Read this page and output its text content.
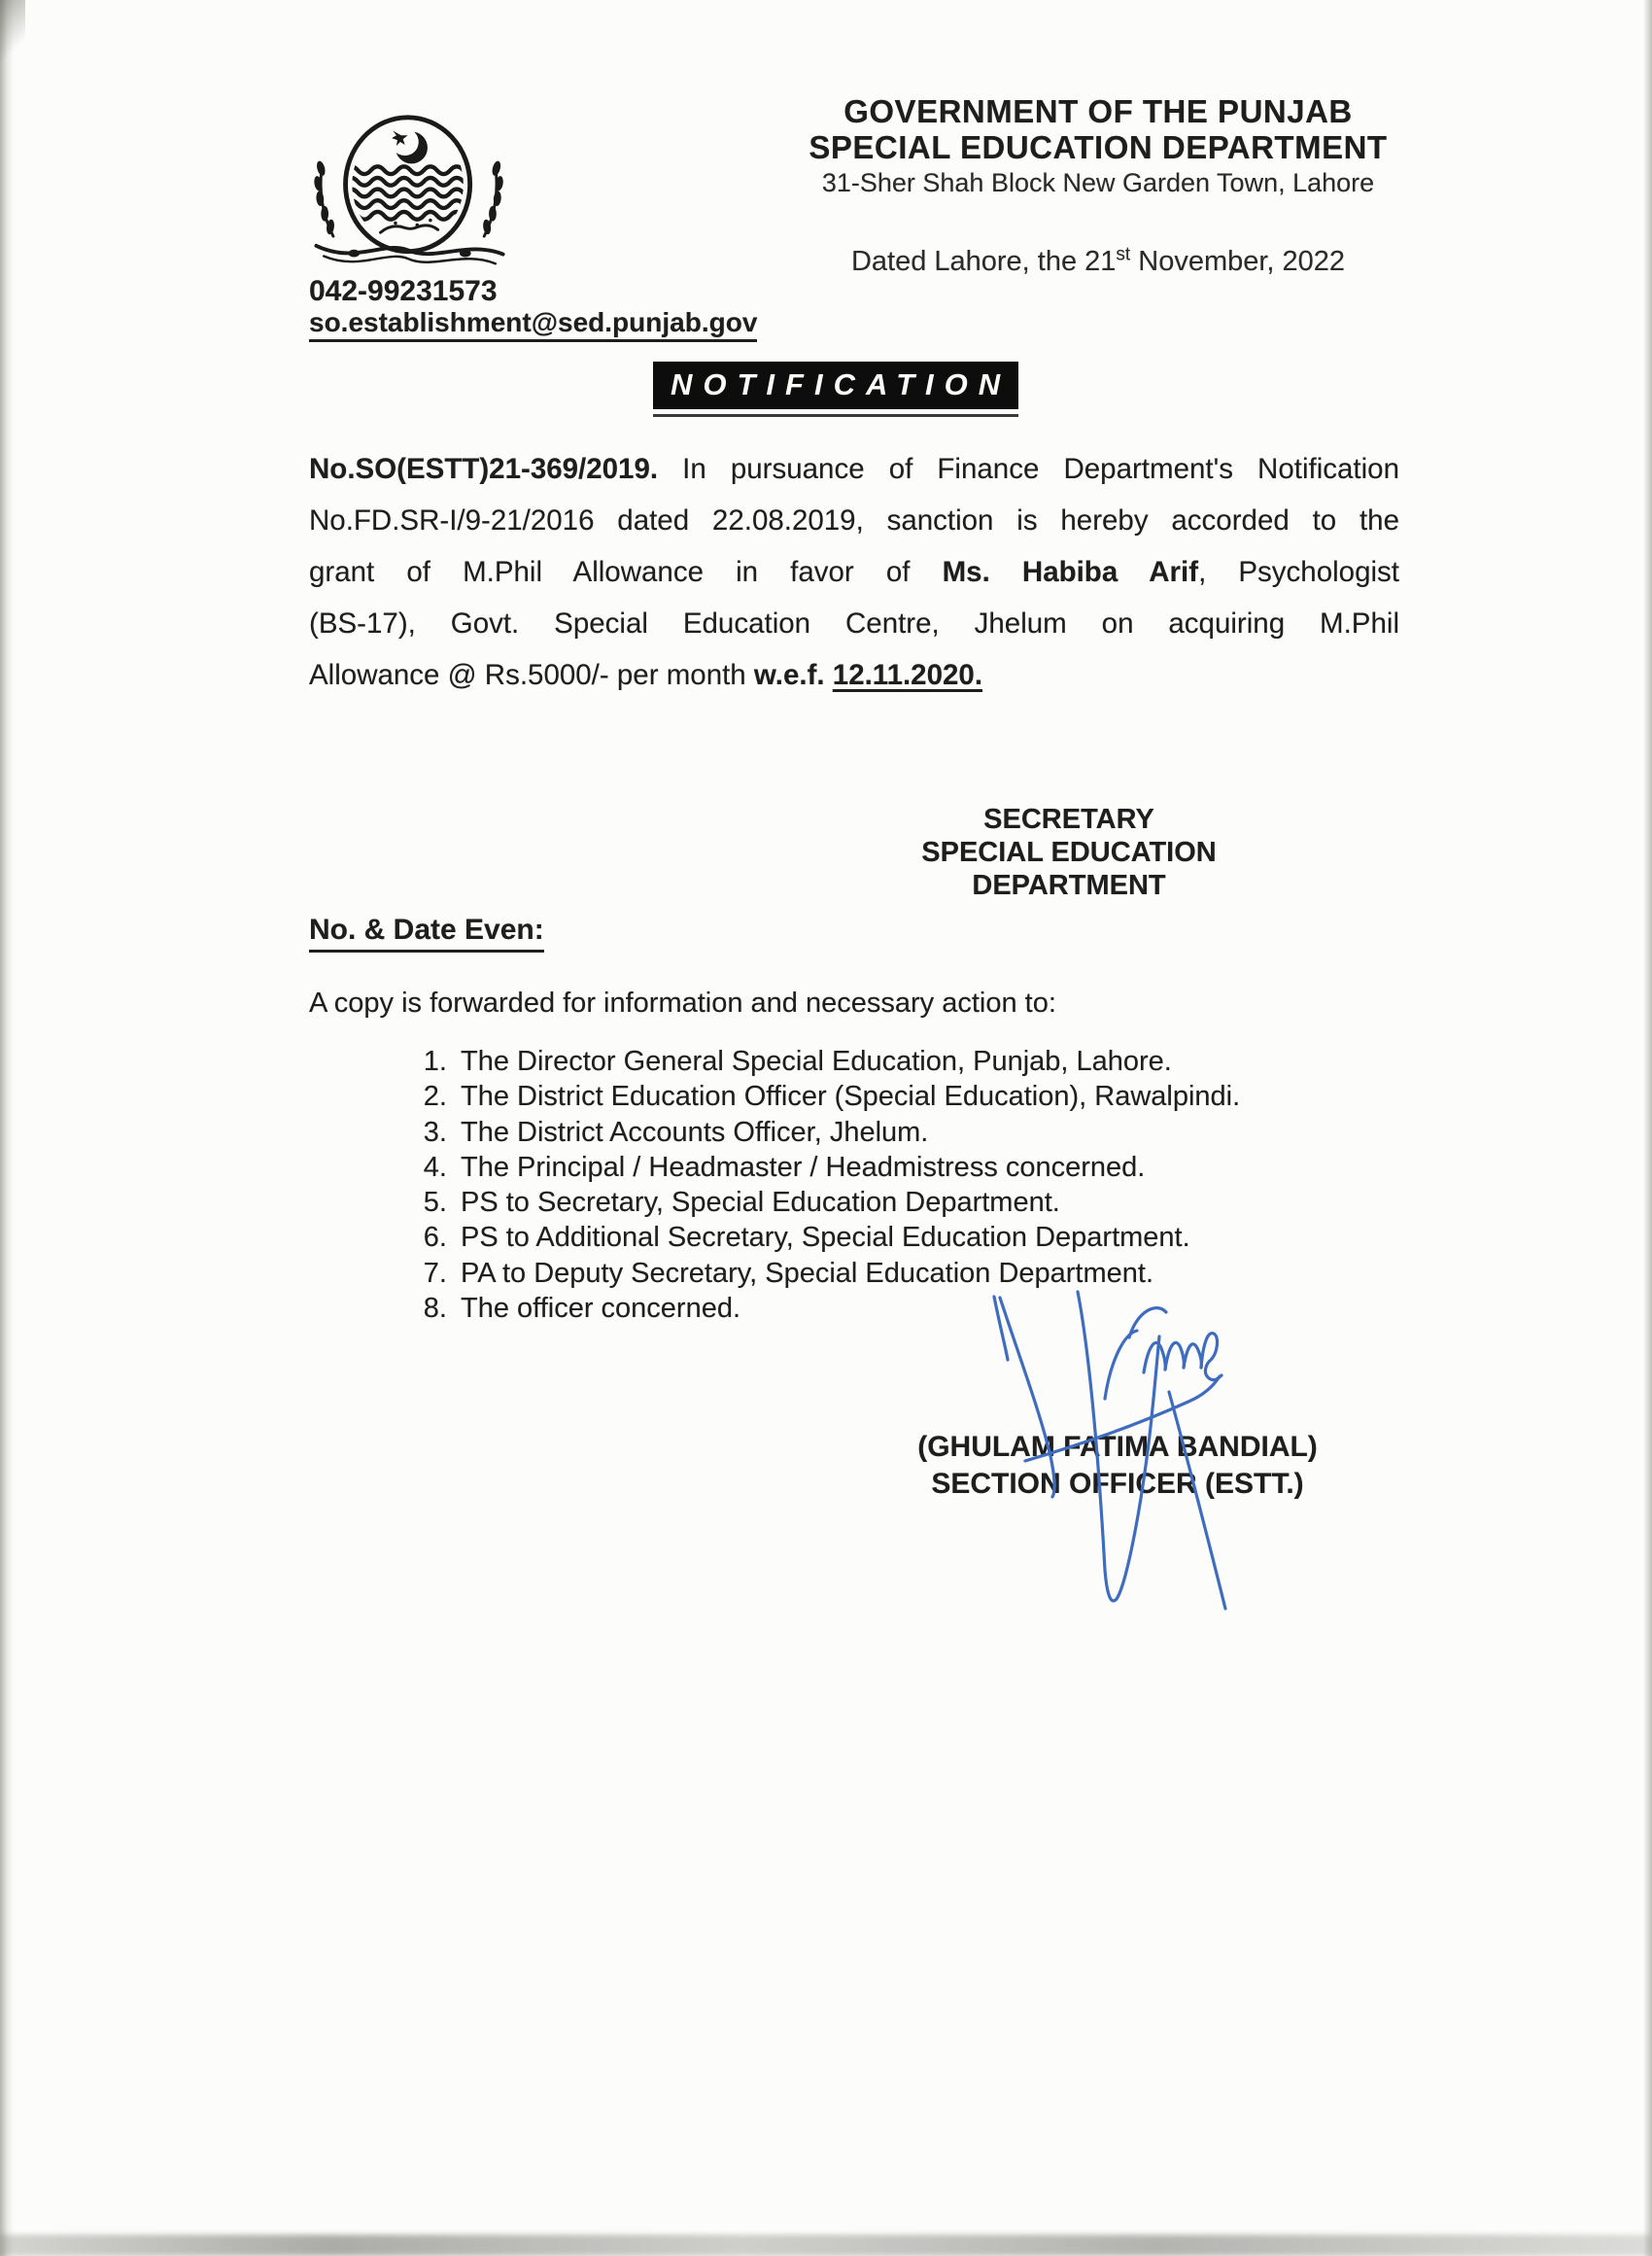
GOVERNMENT OF THE PUNJAB
SPECIAL EDUCATION DEPARTMENT
31-Sher Shah Block New Garden Town, Lahore
Dated Lahore, the 21st November, 2022
042-99231573
so.establishment@sed.punjab.gov
NOTIFICATION
No.SO(ESTT)21-369/2019. In pursuance of Finance Department's Notification
No.FD.SR-I/9-21/2016 dated 22.08.2019, sanction is hereby accorded to the
grant of M.Phil Allowance in favor of Ms. Habiba Arif, Psychologist
(BS-17), Govt. Special Education Centre, Jhelum on acquiring M.Phil
Allowance @ Rs.5000/- per month w.e.f. 12.11.2020.
SECRETARY
SPECIAL EDUCATION
DEPARTMENT
No. & Date Even:
A copy is forwarded for information and necessary action to:
1. The Director General Special Education, Punjab, Lahore.
2. The District Education Officer (Special Education), Rawalpindi.
3. The District Accounts Officer, Jhelum.
4. The Principal / Headmaster / Headmistress concerned.
5. PS to Secretary, Special Education Department.
6. PS to Additional Secretary, Special Education Department.
7. PA to Deputy Secretary, Special Education Department.
8. The officer concerned.
(GHULAM FATIMA BANDIAL)
SECTION OFFICER (ESTT.)
